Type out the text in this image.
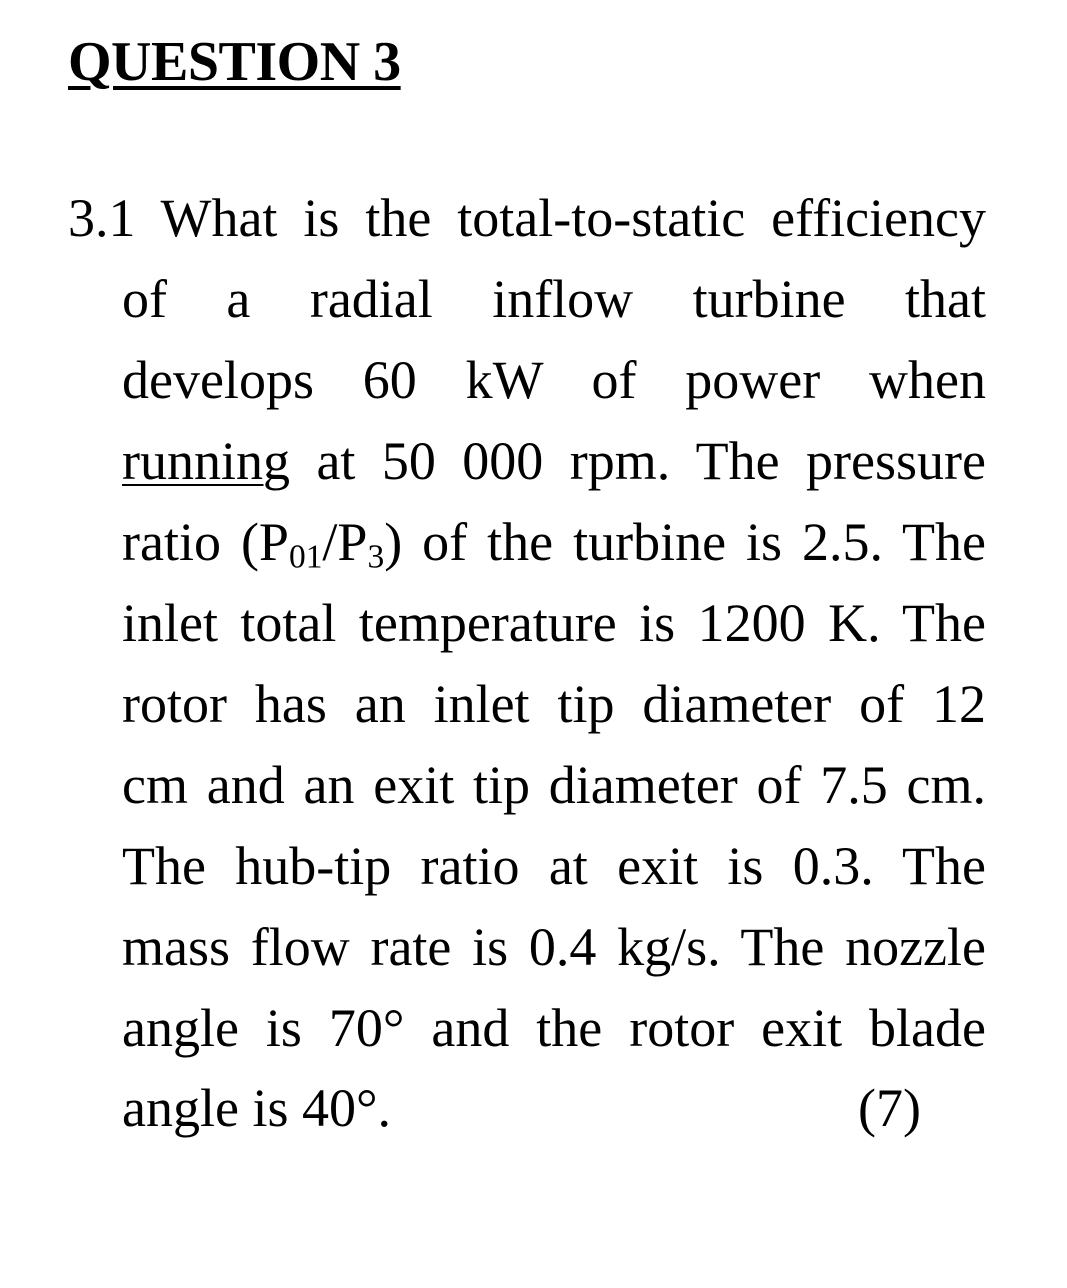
QUESTION 3
3.1 What is the total-to-static efficiency
of a radial inflow turbine that
develops 60 kW of power when
running at 50 000 rpm. The pressure
ratio $(P_{01}/P_3)$ of the turbine is 2.5. The
inlet total temperature is 1200 K. The
rotor has an inlet tip diameter of 12
cm and an exit tip diameter of 7.5 cm.
The hub-tip ratio at exit is 0.3. The
mass flow rate is 0.4 kg/s. The nozzle
angle is 70° and the rotor exit blade
angle is 40°.	(7)
